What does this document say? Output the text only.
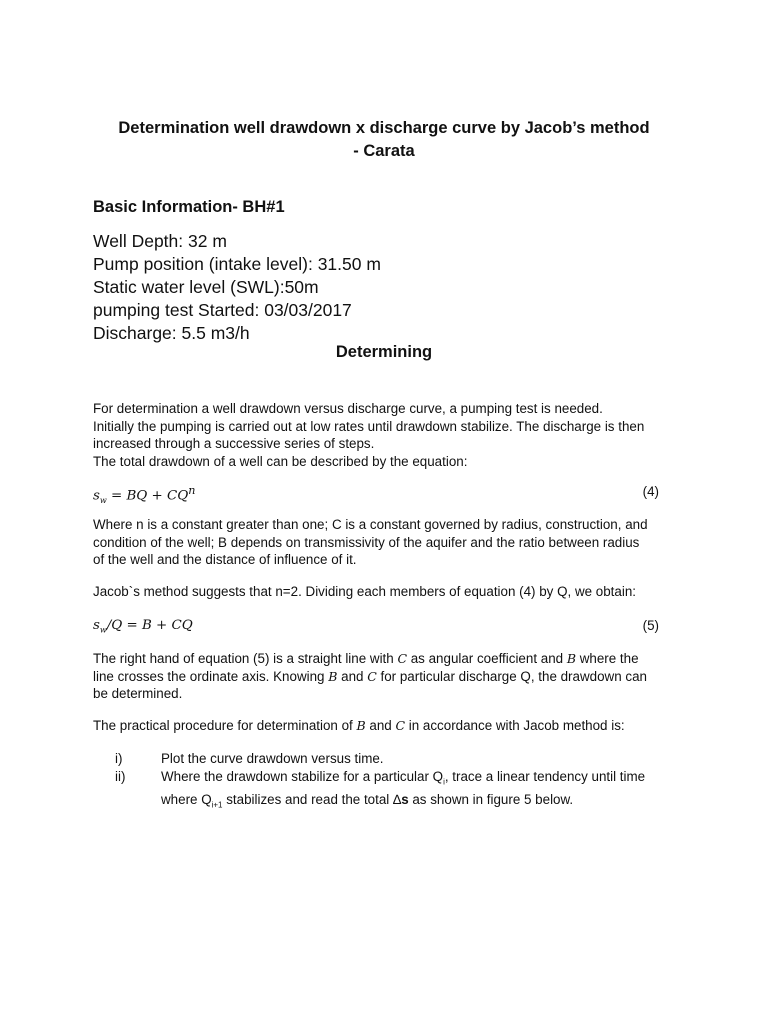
Determination well drawdown x discharge curve by Jacob’s method
- Carata
Basic Information- BH#1
Well Depth: 32 m
Pump position (intake level): 31.50 m
Static water level (SWL):50m
pumping test Started: 03/03/2017
Discharge: 5.5 m3/h
Determining
For determination a well drawdown versus discharge curve, a pumping test is needed.
Initially the pumping is carried out at low rates until drawdown stabilize. The discharge is then
increased through a successive series of steps.
The total drawdown of a well can be described by the equation:
$s_w$ = BQ + $CQ^n$	(4)
Where n is a constant greater than one; C is a constant governed by radius, construction, and
condition of the well; B depends on transmissivity of the aquifer and the ratio between radius
of the well and the distance of influence of it.
Jacob`s method suggests that n=2. Dividing each members of equation (4) by Q, we obtain:
$s_w/Q = B$ + CQ	(5)
The right hand of equation (5) is a straight line with C as angular coefficient and B where the
line crosses the ordinate axis. Knowing B and C for particular discharge Q, the drawdown can
be determined.
The practical procedure for determination of B and C in accordance with Jacob method is:
i)	Plot the curve drawdown versus time.
ii)	Where the drawdown stabilize for a particular $Q_i$, trace a linear tendency until time
where $Q_{i+1}$ stabilizes and read the total ∆s as shown in figure 5 below.
